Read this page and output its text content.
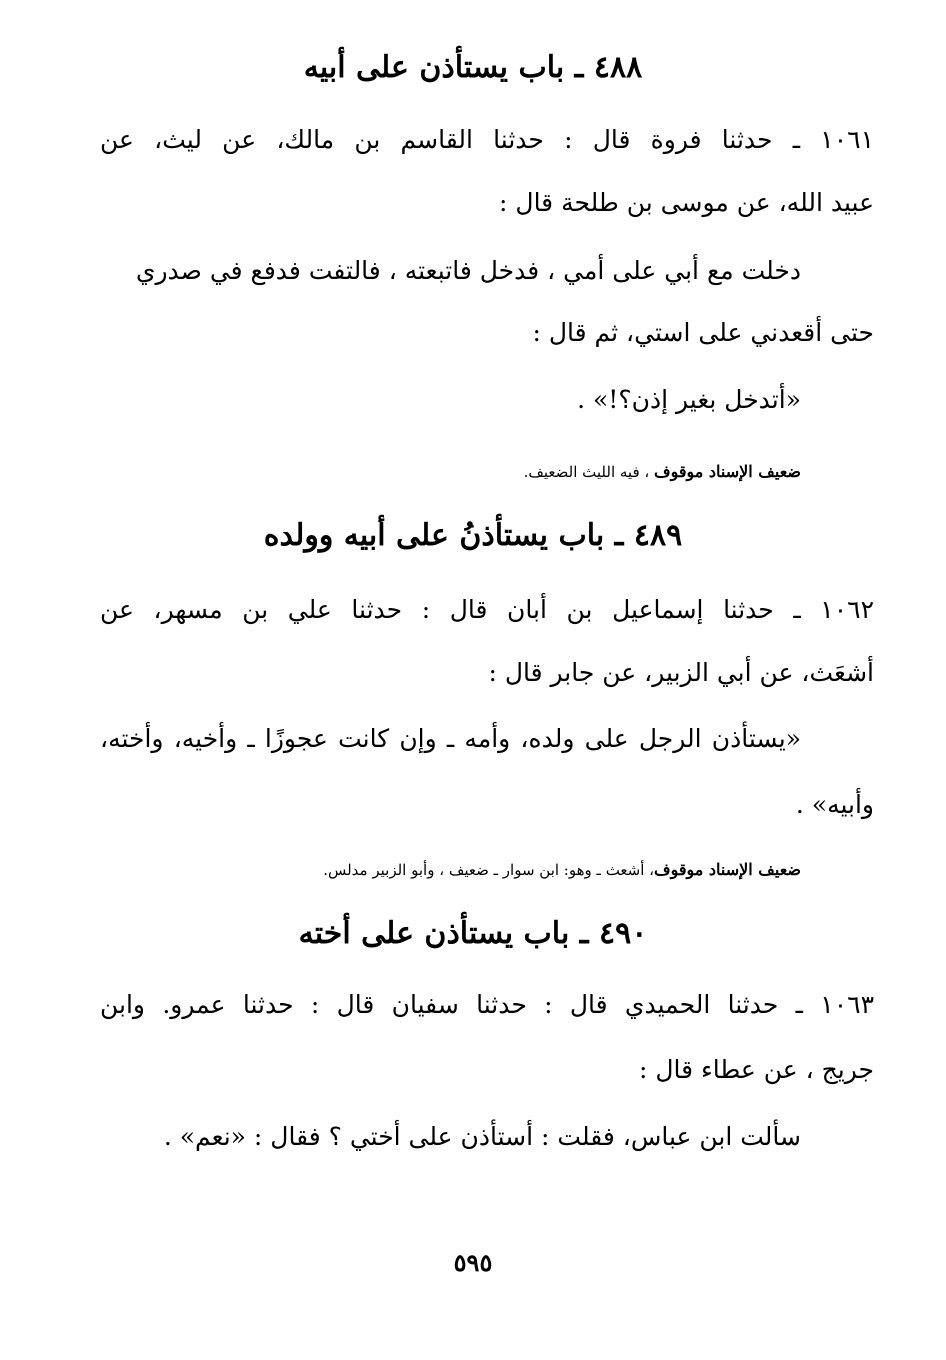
٤٨٨ ـ باب يستأذن على أبيه
١٠٦١ ـ حدثنا فروة قال : حدثنا القاسم بن مالك، عن ليث، عن
عبيد الله، عن موسى بن طلحة قال :
دخلت مع أبي على أمي ، فدخل فاتبعته ، فالتفت فدفع في صدري
حتى أقعدني على استي، ثم قال :
«أتدخل بغير إذن؟!» .
ضعيف الإسناد موقوف ، فيه الليث الضعيف.
٤٨٩ ـ باب يستأذنُ على أبيه وولده
١٠٦٢ ـ حدثنا إسماعيل بن أبان قال : حدثنا علي بن مسهر، عن
أشعَث، عن أبي الزبير، عن جابر قال :
«يستأذن الرجل على ولده، وأمه ـ وإن كانت عجوزًا ـ وأخيه، وأخته،
وأبيه» .
ضعيف الإسناد موقوف، أشعث ـ وهو: ابن سوار ـ ضعيف ، وأبو الزبير مدلس.
٤٩٠ ـ باب يستأذن على أخته
١٠٦٣ ـ حدثنا الحميدي قال : حدثنا سفيان قال : حدثنا عمرو. وابن
جريج ، عن عطاء قال :
سألت ابن عباس، فقلت : أستأذن على أختي ؟ فقال : «نعم» .
٥٩٥
